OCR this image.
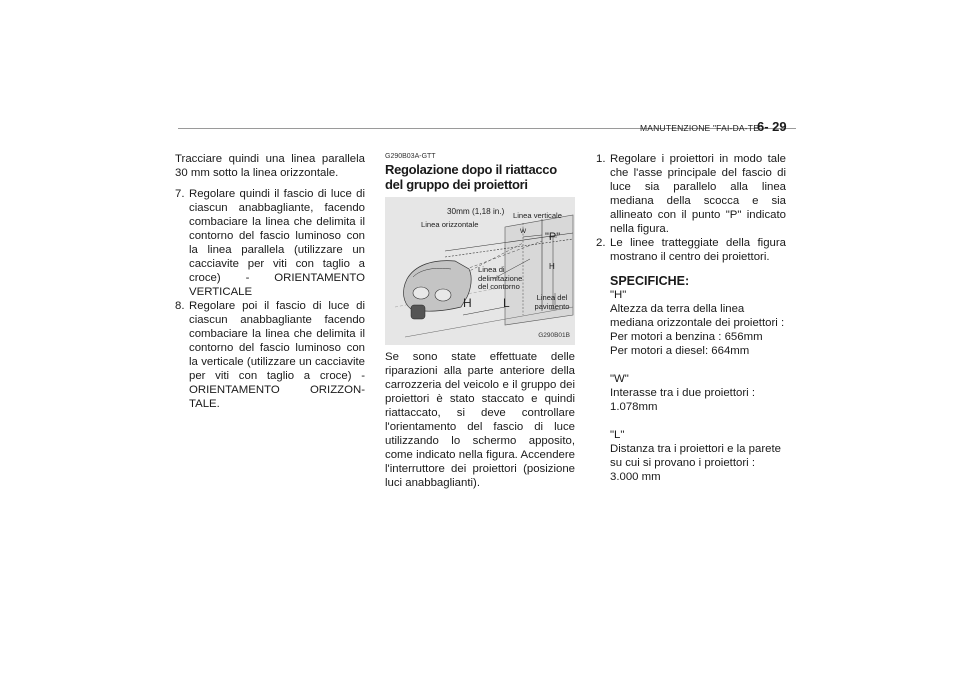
MANUTENZIONE "FAI-DA-TE"
6- 29

Tracciare quindi una linea parallela 30 mm sotto la linea orizzontale.

7. Regolare quindi il fascio di luce di ciascun anabbagliante, facendo combaciare la linea che delimita il contorno del fascio luminoso con la linea parallela (utilizzare un cacciavite per viti con taglio a croce) - ORIENTAMENTO VERTICALE
8. Regolare poi il fascio di luce di ciascun anabbagliante facendo combaciare la linea che delimita il contorno del fascio luminoso con la verticale (utilizzare un cacciavite per viti con taglio a croce) - ORIENTAMENTO ORIZZON-TALE.

G290B03A-GTT

Regolazione dopo il riattacco del gruppo dei proiettori

30mm (1,18 in.)
Linea orizzontale
Linea verticale
W "P"
H
Linea di delimitazione del contorno
Linea del pavimento
H	L
G290B01B

Se sono state effettuate delle riparazioni alla parte anteriore della carrozzeria del veicolo e il gruppo dei proiettori è stato staccato e quindi riattaccato, si deve controllare l'orientamento del fascio di luce utilizzando lo schermo apposito, come indicato nella figura. Accendere l'interruttore dei proiettori (posizione luci anabbaglianti).

1. Regolare i proiettori in modo tale che l'asse principale del fascio di luce sia parallelo alla linea mediana della scocca e sia allineato con il punto "P" indicato nella figura.
2. Le linee tratteggiate della figura mostrano il centro dei proiettori.

SPECIFICHE:

"H"

Altezza da terra della linea mediana orizzontale dei proiettori :

Per motori a benzina : 656mm

Per motori a diesel: 664mm

"W"

Interasse tra i due proiettori :

1.078mm

"L"

Distanza tra i proiettori e la parete su cui si provano i proiettori :

3.000 mm
